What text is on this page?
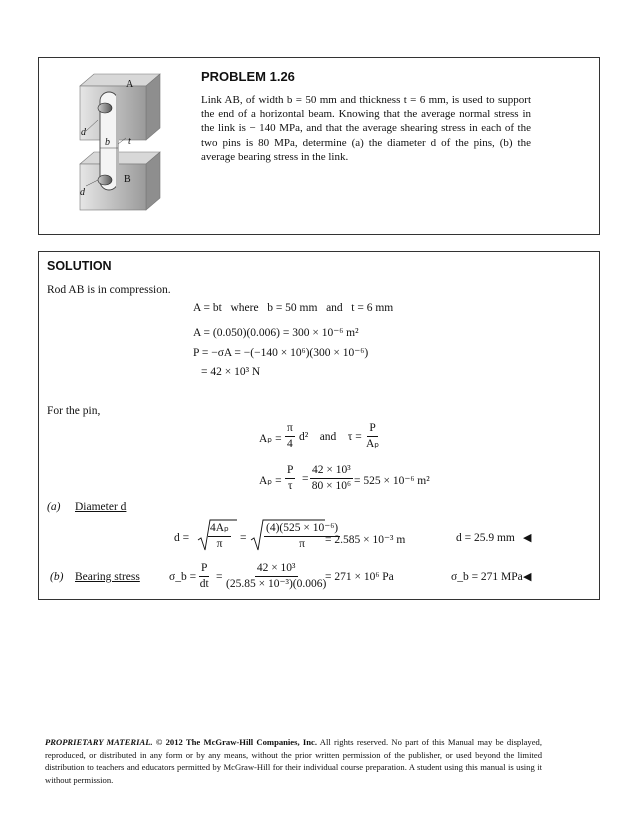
A
d
b t
B
d
PROBLEM 1.26
Link AB, of width b = 50 mm and thickness t = 6 mm, is used to support
the end of a horizontal beam. Knowing that the average normal stress in
the link is − 140 MPa, and that the average shearing stress in each of the
two pins is 80 MPa, determine (a) the diameter d of the pins, (b) the
average bearing stress in the link.
SOLUTION
Rod AB is in compression.
A = bt   where   b = 50 mm   and   t = 6 mm
A = (0.050)(0.006) = 300 × 10⁻⁶ m²
P = −σA = −(−140 × 10⁶)(300 × 10⁻⁶)
= 42 × 10³ N
For the pin,
$A_p = \frac{\pi}{4} d^2$    and    $\tau = \frac{P}{\text{Aₚ}}$
$A_p = \frac{P}{\tau} = \frac{\text{42 × 10³}}{\text{80 × 10⁶}} = 525 \times 10^{-6}$ m²
(a) Diameter d
$d = \frac{\text{4Aₚ}}{\pi} = \frac{\text{(4)(525 × 10⁻⁶)}}{\pi}$
= 2.585 × 10⁻³ m	d = 25.9 mm ◀
(b) Bearing stress	σ_b = $\frac{P}{dt} = \frac{\text{42 × 10³}}{\text{(25.85 × 10⁻³)(0.006)}}$
= 271 × 10⁶ Pa	σ_b = 271 MPa ◀
PROPRIETARY MATERIAL. © 2012 The McGraw-Hill Companies, Inc. All rights reserved. No part of this Manual may be displayed, reproduced, or distributed in any form or by any means, without the prior written permission of the publisher, or used beyond the limited distribution to teachers and educators permitted by McGraw-Hill for their individual course preparation. A student using this manual is using it without permission.
